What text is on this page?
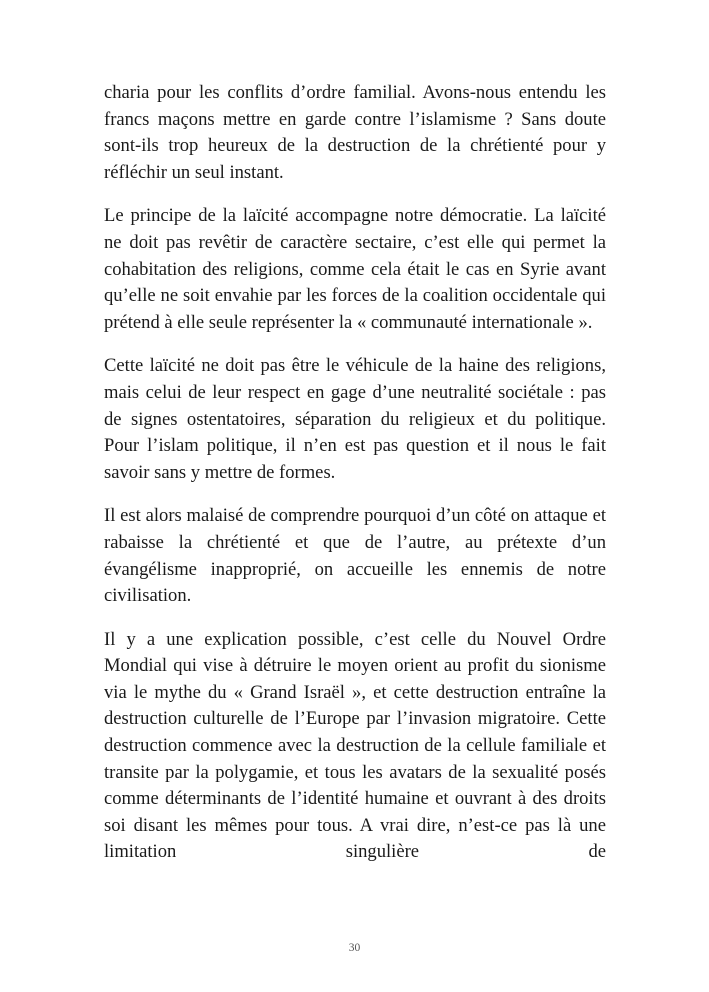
charia pour les conflits d’ordre familial. Avons-nous entendu les francs maçons mettre en garde contre l’islamisme ? Sans doute sont-ils trop heureux de la destruction de la chrétienté pour y réfléchir un seul instant.

Le principe de la laïcité accompagne notre démocratie. La laïcité ne doit pas revêtir de caractère sectaire, c’est elle qui permet la cohabitation des religions, comme cela était le cas en Syrie avant qu’elle ne soit envahie par les forces de la coalition occidentale qui prétend à elle seule représenter la « communauté internationale ».

Cette laïcité ne doit pas être le véhicule de la haine des religions, mais celui de leur respect en gage d’une neutralité sociétale : pas de signes ostentatoires, séparation du religieux et du politique. Pour l’islam politique, il n’en est pas question et il nous le fait savoir sans y mettre de formes.

Il est alors malaisé de comprendre pourquoi d’un côté on attaque et rabaisse la chrétienté et que de l’autre, au prétexte d’un évangélisme inapproprié, on accueille les ennemis de notre civilisation.

Il y a une explication possible, c’est celle du Nouvel Ordre Mondial qui vise à détruire le moyen orient au profit du sionisme via le mythe du « Grand Israël », et cette destruction entraîne la destruction culturelle de l’Europe par l’invasion migratoire. Cette destruction commence avec la destruction de la cellule familiale et transite par la polygamie, et tous les avatars de la sexualité posés comme déterminants de l’identité humaine et ouvrant à des droits soi disant les mêmes pour tous. A vrai dire, n’est-ce pas là une limitation singulière de

30
